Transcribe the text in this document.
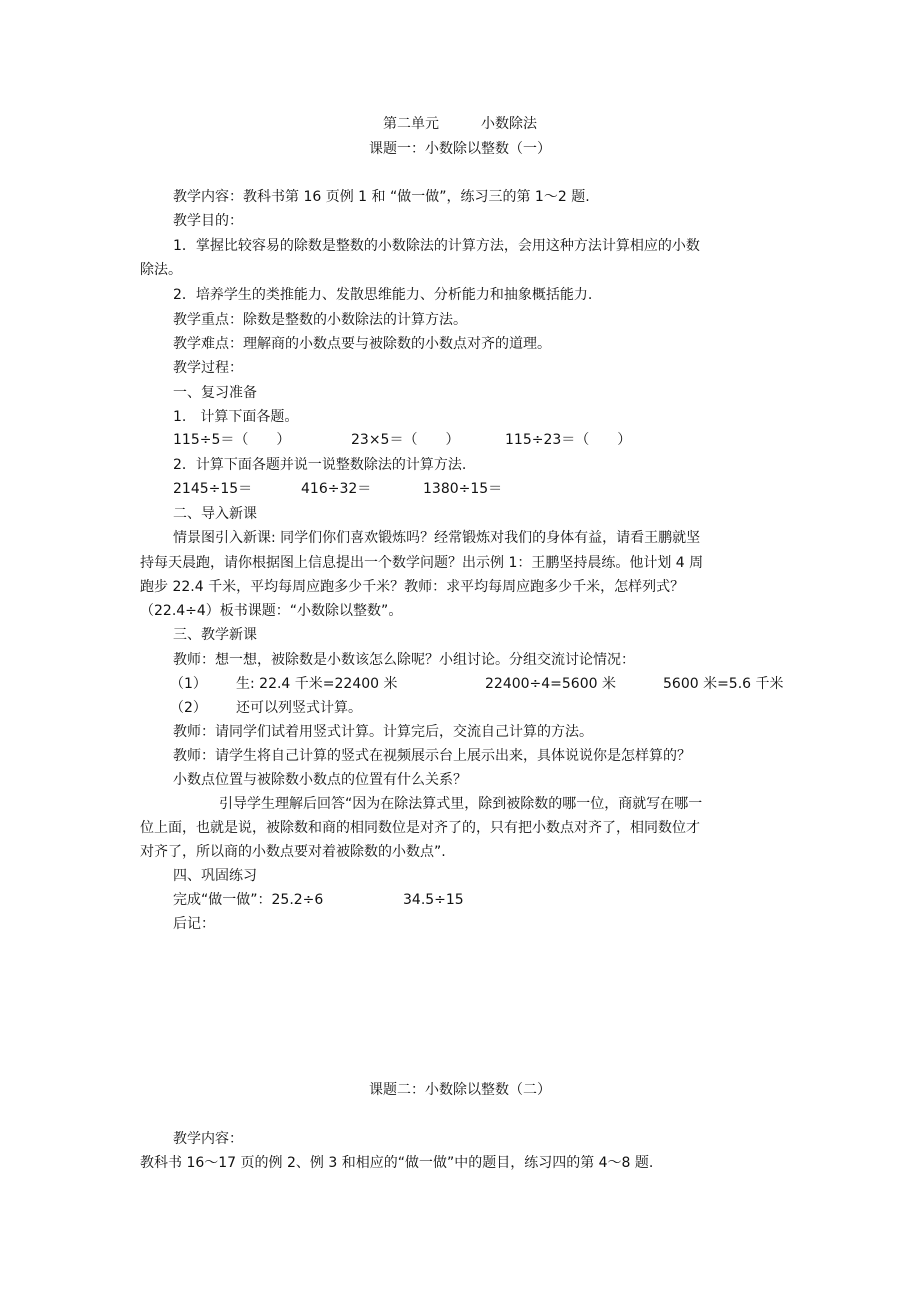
第二单元　　　小数除法
课题一：小数除以整数（一）
教学内容：教科书第 16 页例 1 和 “做一做”，练习三的第 1～2 题.
教学目的：
1．掌握比较容易的除数是整数的小数除法的计算方法，会用这种方法计算相应的小数
除法。
2．培养学生的类推能力、发散思维能力、分析能力和抽象概括能力.
教学重点：除数是整数的小数除法的计算方法。
教学难点：理解商的小数点要与被除数的小数点对齐的道理。
教学过程：
一、复习准备
1.　计算下面各题。
115÷5＝（　　）	23×5＝（　　）	115÷23＝（　　）
2．计算下面各题并说一说整数除法的计算方法.
2145÷15＝	416÷32＝	1380÷15＝
二、导入新课
情景图引入新课: 同学们你们喜欢锻炼吗？经常锻炼对我们的身体有益，请看王鹏就坚
持每天晨跑，请你根据图上信息提出一个数学问题？出示例 1：王鹏坚持晨练。他计划 4 周
跑步 22.4 千米，平均每周应跑多少千米？教师：求平均每周应跑多少千米，怎样列式？
（22.4÷4）板书课题：“小数除以整数”。
三、教学新课
教师：想一想，被除数是小数该怎么除呢？小组讨论。分组交流讨论情况：
（1） 生: 22.4 千米=22400 米	22400÷4=5600 米	5600 米=5.6 千米
（2） 还可以列竖式计算。
教师：请同学们试着用竖式计算。计算完后，交流自己计算的方法。
教师：请学生将自己计算的竖式在视频展示台上展示出来，具体说说你是怎样算的？
小数点位置与被除数小数点的位置有什么关系？
引导学生理解后回答“因为在除法算式里，除到被除数的哪一位，商就写在哪一
位上面，也就是说，被除数和商的相同数位是对齐了的，只有把小数点对齐了，相同数位才
对齐了，所以商的小数点要对着被除数的小数点”.
四、巩固练习
完成“做一做”：25.2÷6	34.5÷15
后记：
课题二：小数除以整数（二）
教学内容：
教科书 16～17 页的例 2、例 3 和相应的“做一做”中的题目，练习四的第 4～8 题.
